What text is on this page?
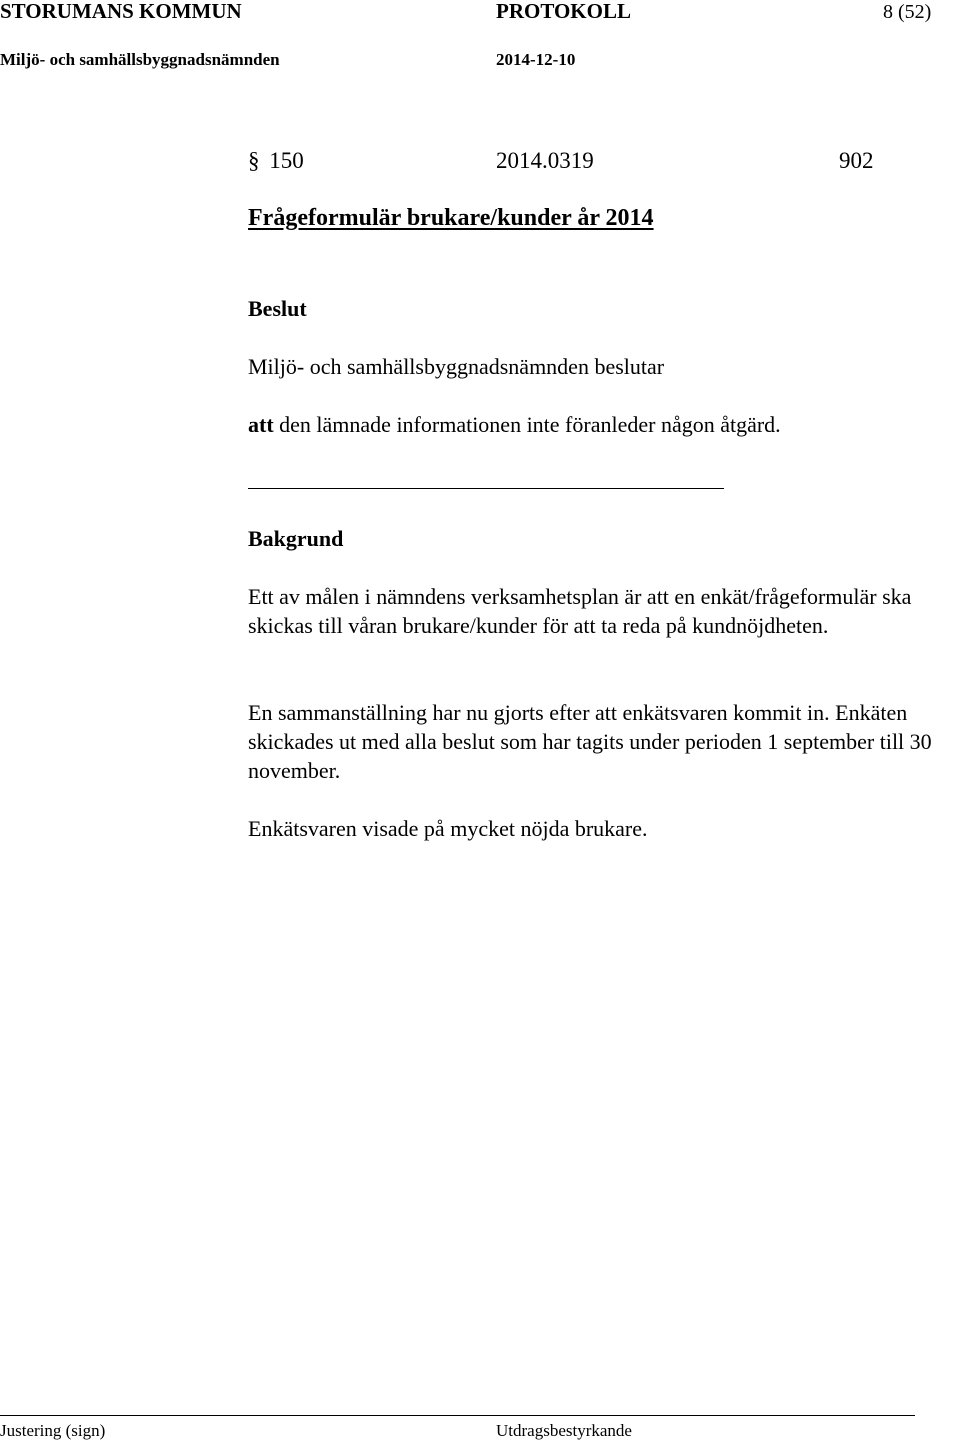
STORUMANS KOMMUN	PROTOKOLL	8 (52)
Miljö- och samhällsbyggnadsnämnden	2014-12-10
§ 150	2014.0319	902
Frågeformulär brukare/kunder år 2014
Beslut
Miljö- och samhällsbyggnadsnämnden beslutar
att den lämnade informationen inte föranleder någon åtgärd.
Bakgrund
Ett av målen i nämndens verksamhetsplan är att en enkät/frågeformulär ska skickas till våran brukare/kunder för att ta reda på kundnöjdheten.
En sammanställning har nu gjorts efter att enkätsvaren kommit in. Enkäten skickades ut med alla beslut som har tagits under perioden 1 september till 30 november.
Enkätsvaren visade på mycket nöjda brukare.
Justering (sign)	Utdragsbestyrkande
